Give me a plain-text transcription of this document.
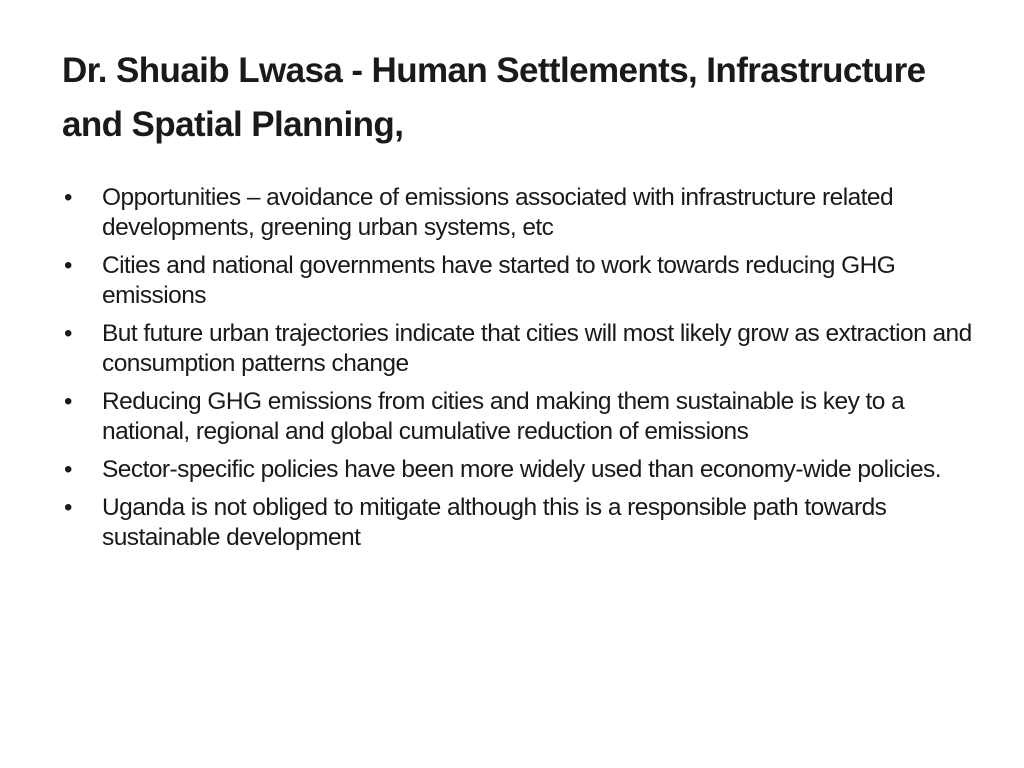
Dr. Shuaib Lwasa - Human Settlements, Infrastructure and Spatial Planning,
•	Opportunities – avoidance of emissions associated with infrastructure related developments, greening urban systems, etc
•	Cities and national governments have started to work towards reducing GHG emissions
•	But future urban trajectories indicate that cities will most likely grow as extraction and consumption patterns change
•	Reducing GHG emissions from cities and making them sustainable is key to a national, regional and global cumulative reduction of emissions
•	Sector-specific policies have been more widely used than economy-wide policies.
•	Uganda is not obliged to mitigate although this is a responsible path towards sustainable development
